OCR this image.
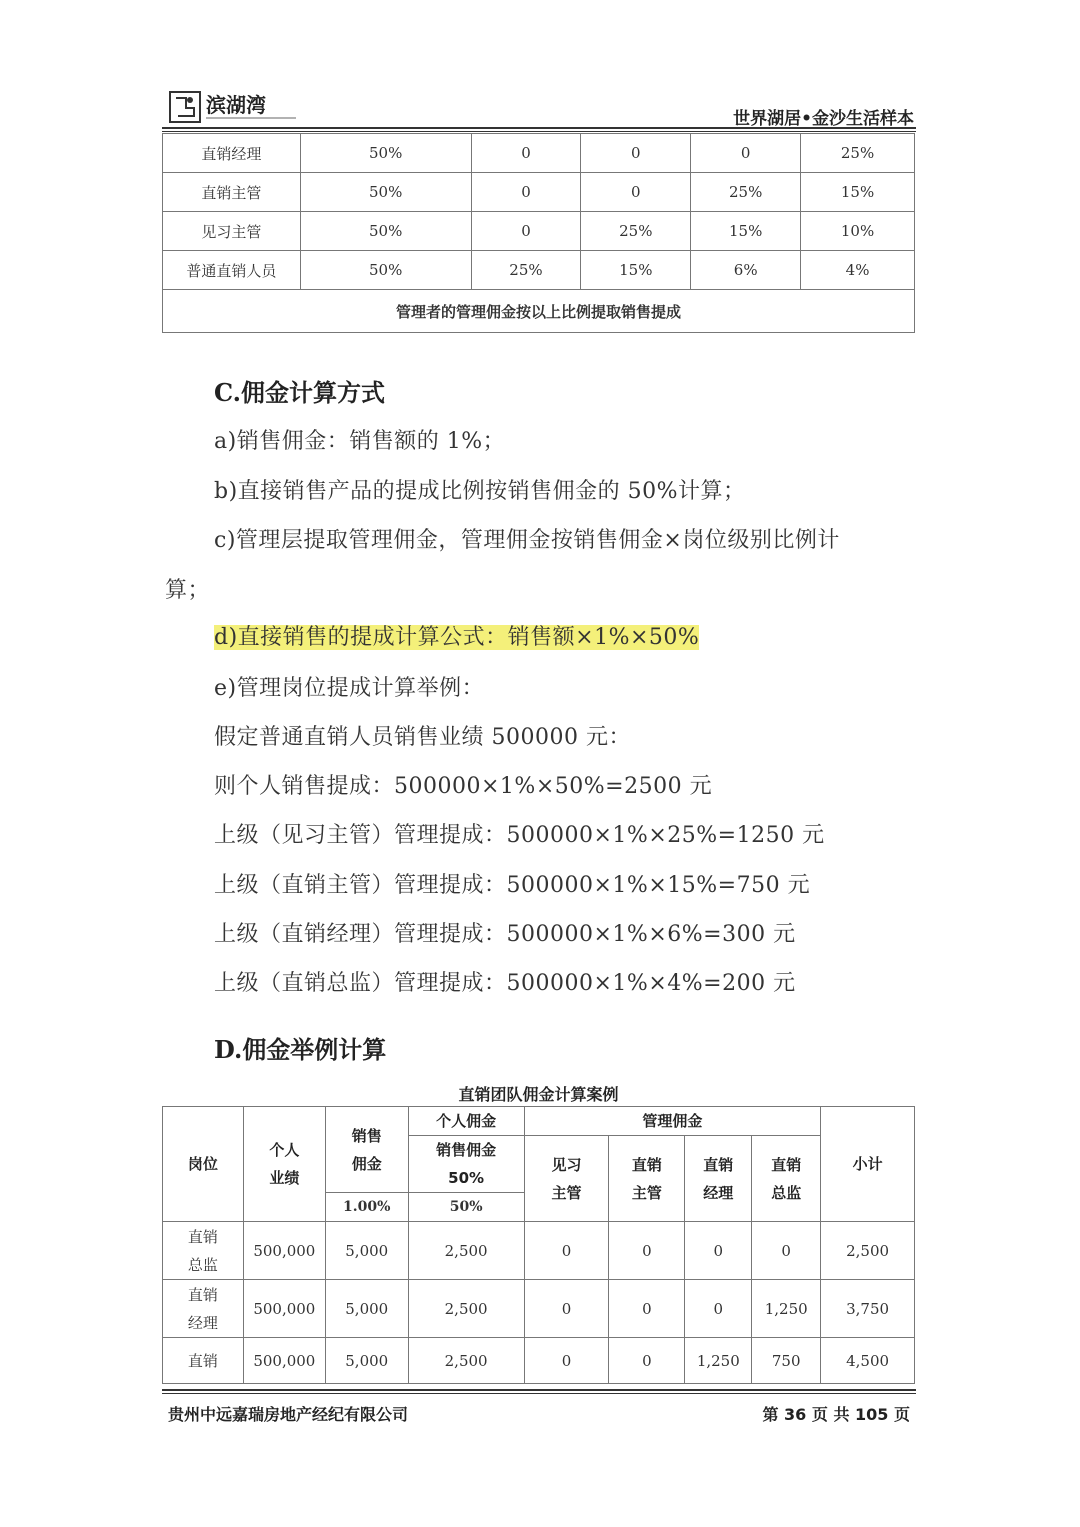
滨湖湾
世界湖居•金沙生活样本
直销经理	50%	0	0	0	25%
直销主管	50%	0	0	25%	15%
见习主管	50%	0	25%	15%	10%
普通直销人员	50%	25%	15%	6%	4%
管理者的管理佣金按以上比例提取销售提成					
C.佣金计算方式
a)销售佣金：销售额的 1%；
b)直接销售产品的提成比例按销售佣金的 50%计算；
c)管理层提取管理佣金，管理佣金按销售佣金×岗位级别比例计
算；
d)直接销售的提成计算公式：销售额×1%×50%
e)管理岗位提成计算举例：
假定普通直销人员销售业绩 500000 元：
则个人销售提成：500000×1%×50%=2500 元
上级（见习主管）管理提成：500000×1%×25%=1250 元
上级（直销主管）管理提成：500000×1%×15%=750 元
上级（直销经理）管理提成：500000×1%×6%=300 元
上级（直销总监）管理提成：500000×1%×4%=200 元
D.佣金举例计算
直销团队佣金计算案例
岗位	个人业绩	销售佣金	个人佣金	管理佣金				小计
			销售佣金50%	见习主管	直销主管	直销经理	直销总监	
		1.00%	50%					
直销总监	500,000	5,000	2,500	0	0	0	0	2,500
直销经理	500,000	5,000	2,500	0	0	0	1,250	3,750
直销	500,000	5,000	2,500	0	0	1,250	750	4,500
贵州中远嘉瑞房地产经纪有限公司	第 36 页 共 105 页
